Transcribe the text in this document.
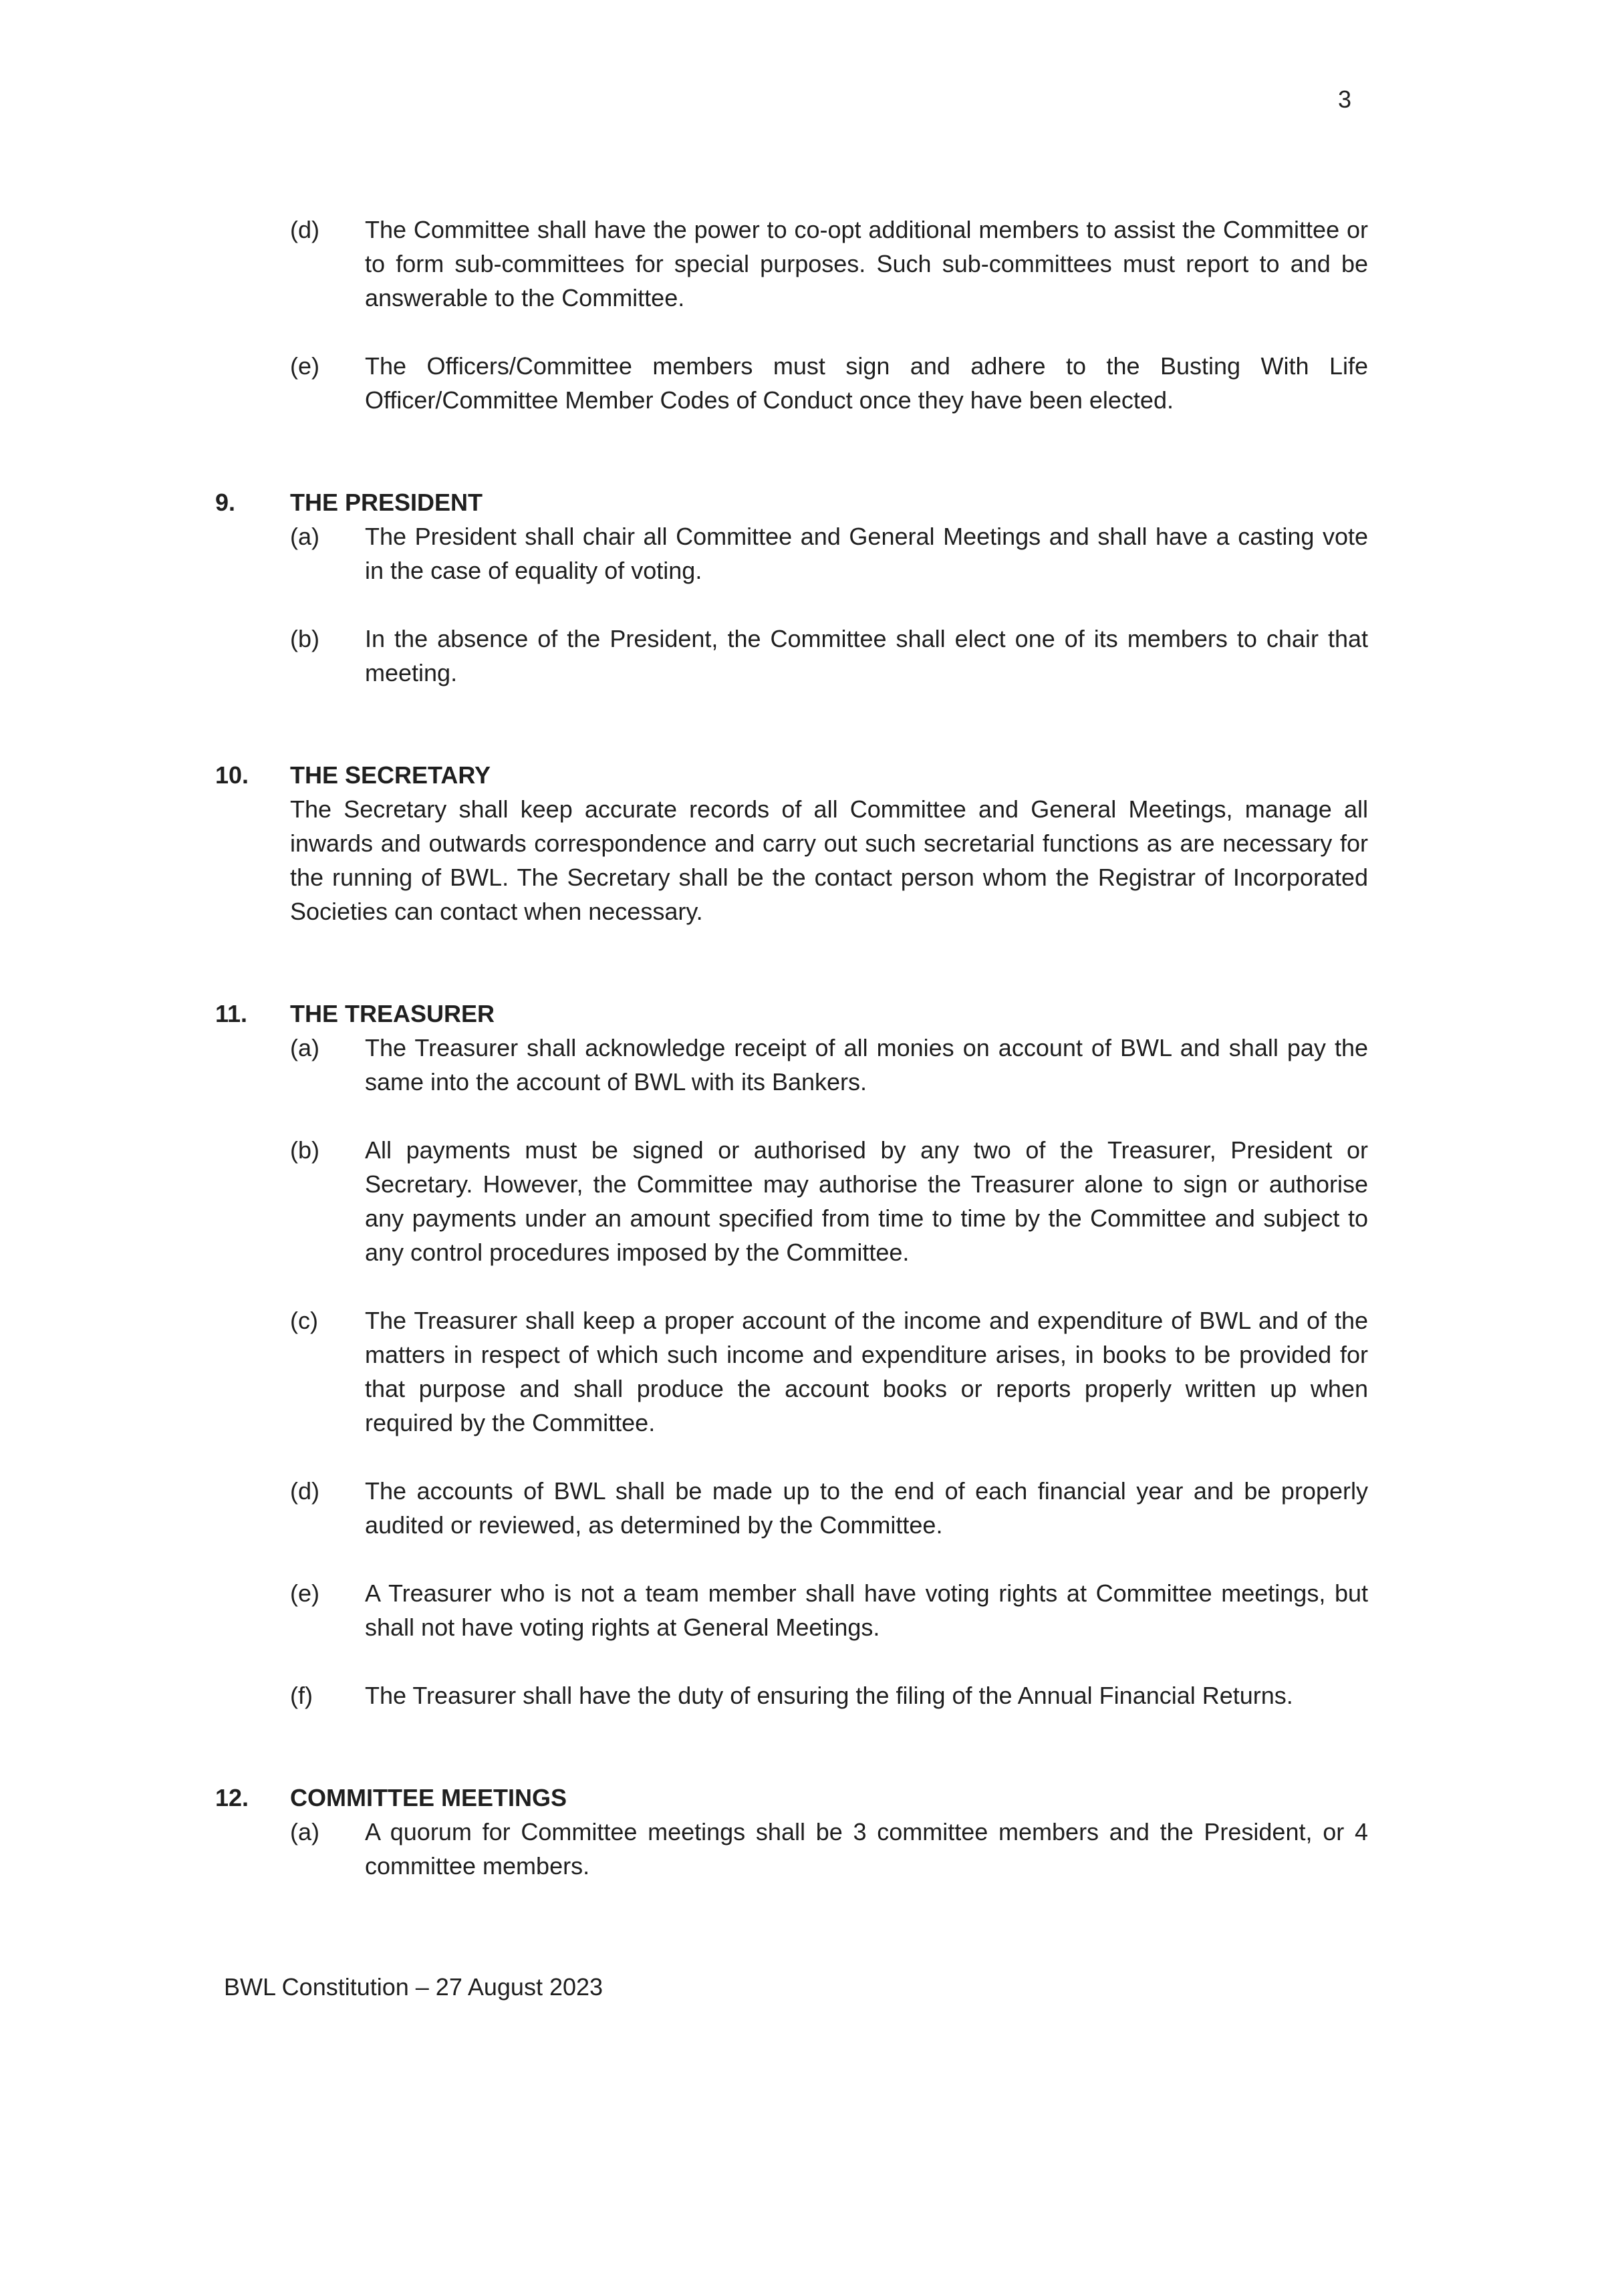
3
(d)	The Committee shall have the power to co-opt additional members to assist the Committee or to form sub-committees for special purposes. Such sub-committees must report to and be answerable to the Committee.
(e)	The Officers/Committee members must sign and adhere to the Busting With Life Officer/Committee Member Codes of Conduct once they have been elected.
9.	THE PRESIDENT
(a)	The President shall chair all Committee and General Meetings and shall have a casting vote in the case of equality of voting.
(b)	In the absence of the President, the Committee shall elect one of its members to chair that meeting.
10.	THE SECRETARY
The Secretary shall keep accurate records of all Committee and General Meetings, manage all inwards and outwards correspondence and carry out such secretarial functions as are necessary for the running of BWL. The Secretary shall be the contact person whom the Registrar of Incorporated Societies can contact when necessary.
11.	THE TREASURER
(a)	The Treasurer shall acknowledge receipt of all monies on account of BWL and shall pay the same into the account of BWL with its Bankers.
(b)	All payments must be signed or authorised by any two of the Treasurer, President or Secretary. However, the Committee may authorise the Treasurer alone to sign or authorise any payments under an amount specified from time to time by the Committee and subject to any control procedures imposed by the Committee.
(c)	The Treasurer shall keep a proper account of the income and expenditure of BWL and of the matters in respect of which such income and expenditure arises, in books to be provided for that purpose and shall produce the account books or reports properly written up when required by the Committee.
(d)	The accounts of BWL shall be made up to the end of each financial year and be properly audited or reviewed, as determined by the Committee.
(e)	A Treasurer who is not a team member shall have voting rights at Committee meetings, but shall not have voting rights at General Meetings.
(f)	The Treasurer shall have the duty of ensuring the filing of the Annual Financial Returns.
12.	COMMITTEE MEETINGS
(a)	A quorum for Committee meetings shall be 3 committee members and the President, or 4 committee members.
BWL Constitution – 27 August 2023
